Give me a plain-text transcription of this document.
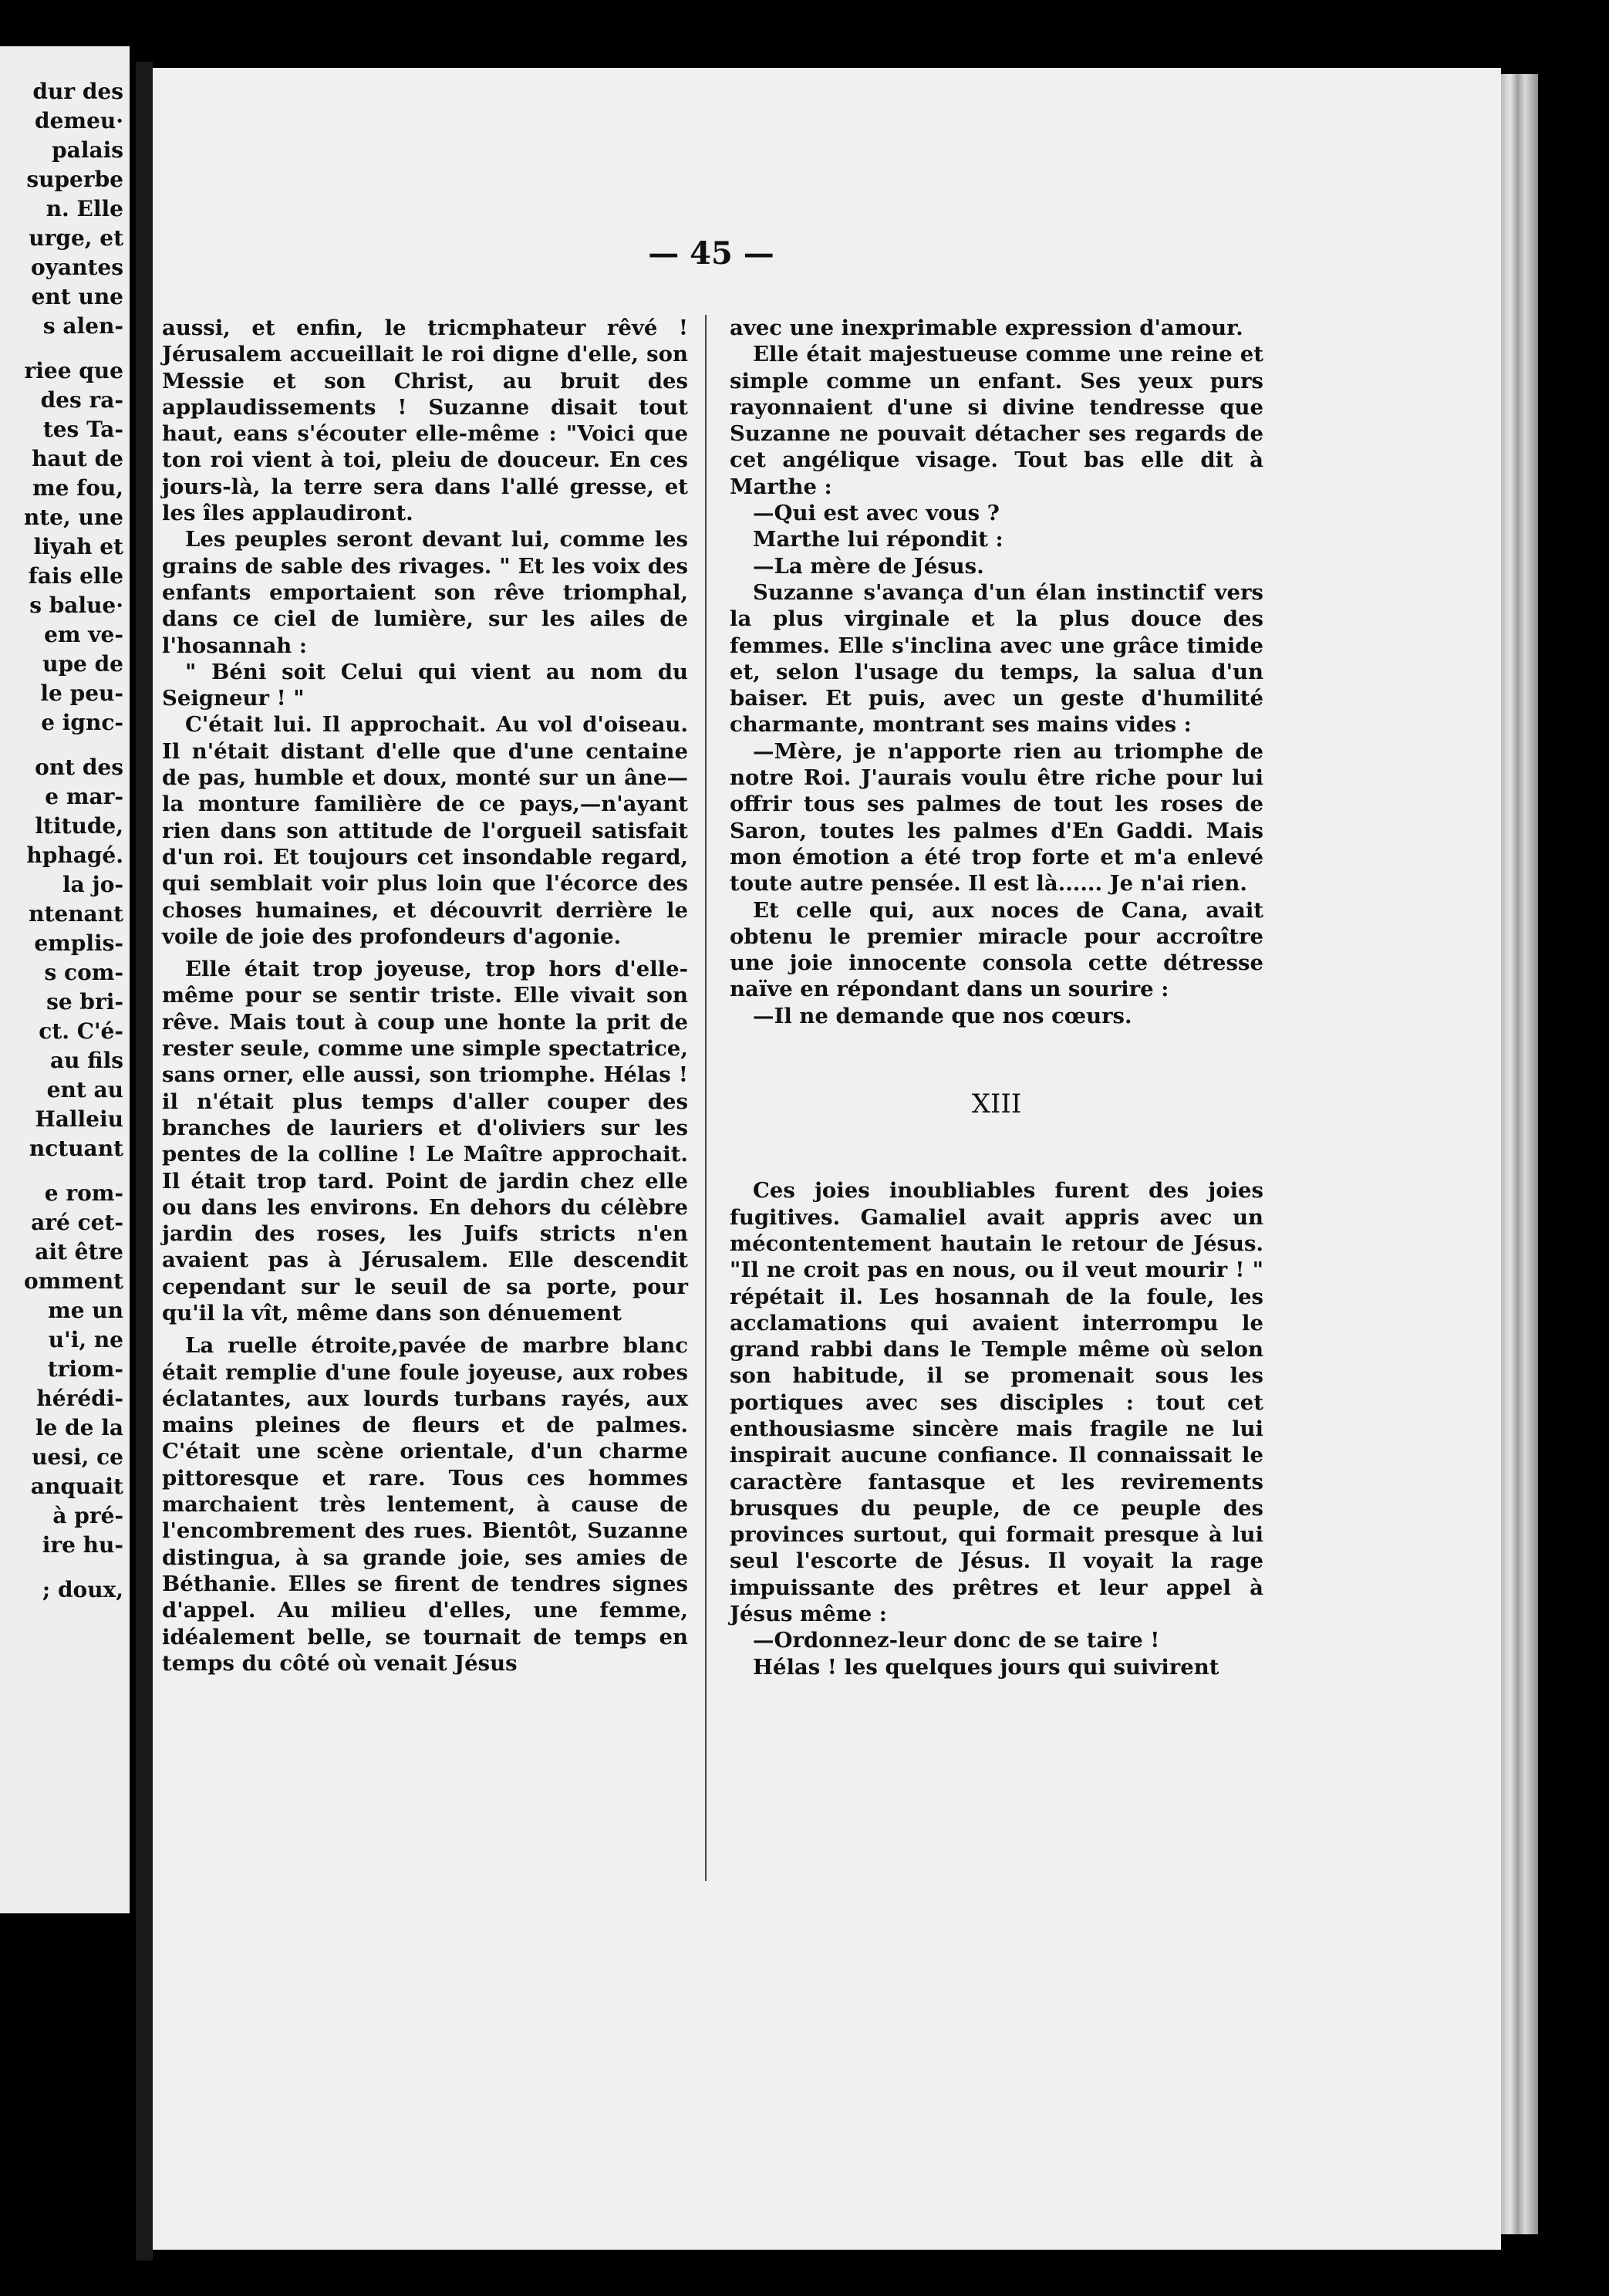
dur des
demeu·
palais
superbe
n. Elle
urge, et
oyantes
ent une
s alen-
riee que
des ra-
tes Ta-
haut de
me fou,
nte, une
liyah et
fais elle
s balue·
em ve-
upe de
le peu-
e ignc-
ont des
e mar-
ltitude,
hphagé.
la jo-
ntenant
emplis-
s com-
se bri-
ct. C'é-
au fils
ent au
Halleiu
nctuant
e rom-
aré cet-
ait être
omment
me un
u'i, ne
triom-
hérédi-
le de la
uesi, ce
anquait
à pré-
ire hu-
; doux,
— 45 —

aussi, et enfin, le tricmphateur rêvé ! Jérusalem accueillait le roi digne d'elle, son Messie et son Christ, au bruit des applaudissements ! Suzanne disait tout haut, eans s'écouter elle-même : "Voici que ton roi vient à toi, pleiu de douceur. En ces jours-là, la terre sera dans l'allé gresse, et les îles applaudiront.

Les peuples seront devant lui, comme les grains de sable des rivages. " Et les voix des enfants emportaient son rêve triomphal, dans ce ciel de lumière, sur les ailes de l'hosannah :

" Béni soit Celui qui vient au nom du Seigneur ! "

C'était lui. Il approchait. Au vol d'oiseau. Il n'était distant d'elle que d'une centaine de pas, humble et doux, monté sur un âne—la monture familière de ce pays,—n'ayant rien dans son attitude de l'orgueil satisfait d'un roi. Et toujours cet insondable regard, qui semblait voir plus loin que l'écorce des choses humaines, et découvrit derrière le voile de joie des profondeurs d'agonie.

Elle était trop joyeuse, trop hors d'elle-même pour se sentir triste. Elle vivait son rêve. Mais tout à coup une honte la prit de rester seule, comme une simple spectatrice, sans orner, elle aussi, son triomphe. Hélas ! il n'était plus temps d'aller couper des branches de lauriers et d'oliviers sur les pentes de la colline ! Le Maître approchait. Il était trop tard. Point de jardin chez elle ou dans les environs. En dehors du célèbre jardin des roses, les Juifs stricts n'en avaient pas à Jérusalem. Elle descendit cependant sur le seuil de sa porte, pour qu'il la vît, même dans son dénuement

La ruelle étroite,pavée de marbre blanc était remplie d'une foule joyeuse, aux robes éclatantes, aux lourds turbans rayés, aux mains pleines de fleurs et de palmes. C'était une scène orientale, d'un charme pittoresque et rare. Tous ces hommes marchaient très lentement, à cause de l'encombrement des rues. Bientôt, Suzanne distingua, à sa grande joie, ses amies de Béthanie. Elles se firent de tendres signes d'appel. Au milieu d'elles, une femme, idéalement belle, se tournait de temps en temps du côté où venait Jésus

avec une inexprimable expression d'amour.

Elle était majestueuse comme une reine et simple comme un enfant. Ses yeux purs rayonnaient d'une si divine tendresse que Suzanne ne pouvait détacher ses regards de cet angélique visage. Tout bas elle dit à Marthe :

—Qui est avec vous ?

Marthe lui répondit :

—La mère de Jésus.

Suzanne s'avança d'un élan instinctif vers la plus virginale et la plus douce des femmes. Elle s'inclina avec une grâce timide et, selon l'usage du temps, la salua d'un baiser. Et puis, avec un geste d'humilité charmante, montrant ses mains vides :

—Mère, je n'apporte rien au triomphe de notre Roi. J'aurais voulu être riche pour lui offrir tous ses palmes de tout les roses de Saron, toutes les palmes d'En Gaddi. Mais mon émotion a été trop forte et m'a enlevé toute autre pensée. Il est là...... Je n'ai rien.

Et celle qui, aux noces de Cana, avait obtenu le premier miracle pour accroître une joie innocente consola cette détresse naïve en répondant dans un sourire :

—Il ne demande que nos cœurs.

XIII

Ces joies inoubliables furent des joies fugitives. Gamaliel avait appris avec un mécontentement hautain le retour de Jésus. "Il ne croit pas en nous, ou il veut mourir ! " répétait il. Les hosannah de la foule, les acclamations qui avaient interrompu le grand rabbi dans le Temple même où selon son habitude, il se promenait sous les portiques avec ses disciples : tout cet enthousiasme sincère mais fragile ne lui inspirait aucune confiance. Il connaissait le caractère fantasque et les revirements brusques du peuple, de ce peuple des provinces surtout, qui formait presque à lui seul l'escorte de Jésus. Il voyait la rage impuissante des prêtres et leur appel à Jésus même :

—Ordonnez-leur donc de se taire !

Hélas ! les quelques jours qui suivirent
